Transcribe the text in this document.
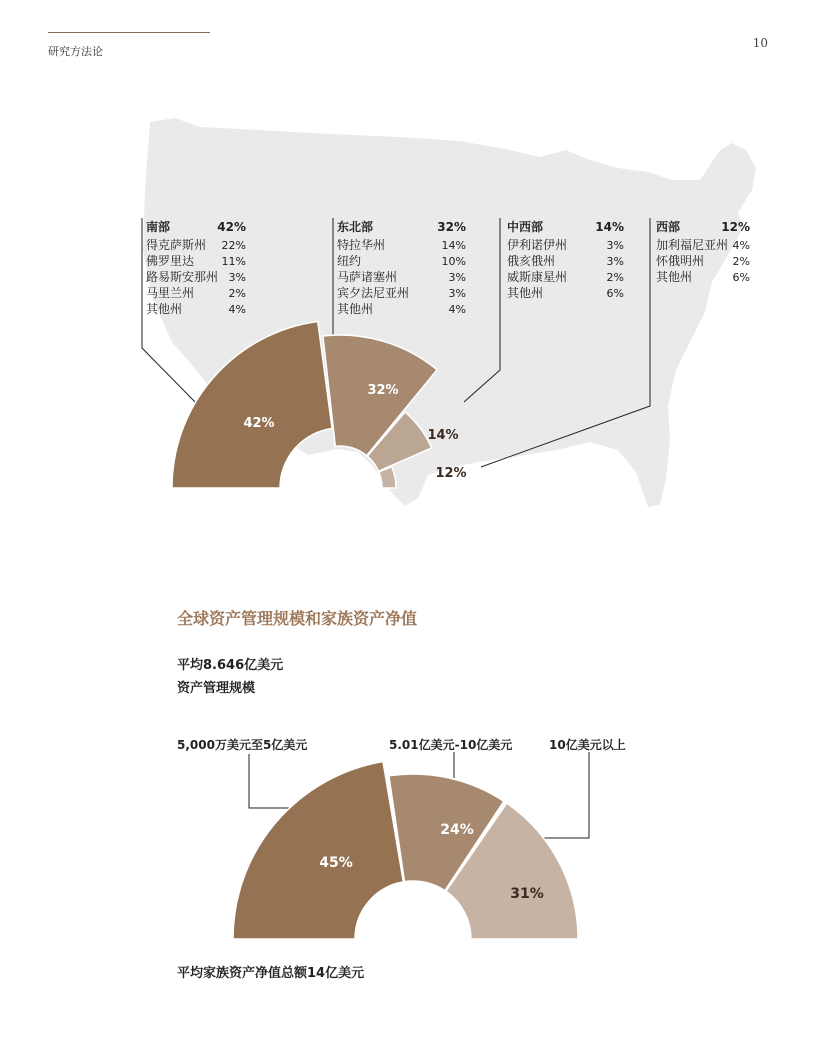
研究方法论
10
42%
32%
14%
12%
南部	42%
得克萨斯州 22%
佛罗里达	11%
路易斯安那州 3%
马里兰州	2%
其他州	4%
东北部	32%
特拉华州	14%
纽约	10%
马萨诸塞州	3%
宾夕法尼亚州	3%
其他州	4%
中西部	14%
伊利诺伊州	3%
俄亥俄州	3%
威斯康星州	2%
其他州	6%
西部	12%
加利福尼亚州 4%
怀俄明州	2%
其他州	6%
45%
24%
31%
5,000万美元至5亿美元	5.01亿美元-10亿美元	10亿美元以上
全球资产管理规模和家族资产净值
平均8.646亿美元
资产管理规模
平均家族资产净值总额14亿美元
